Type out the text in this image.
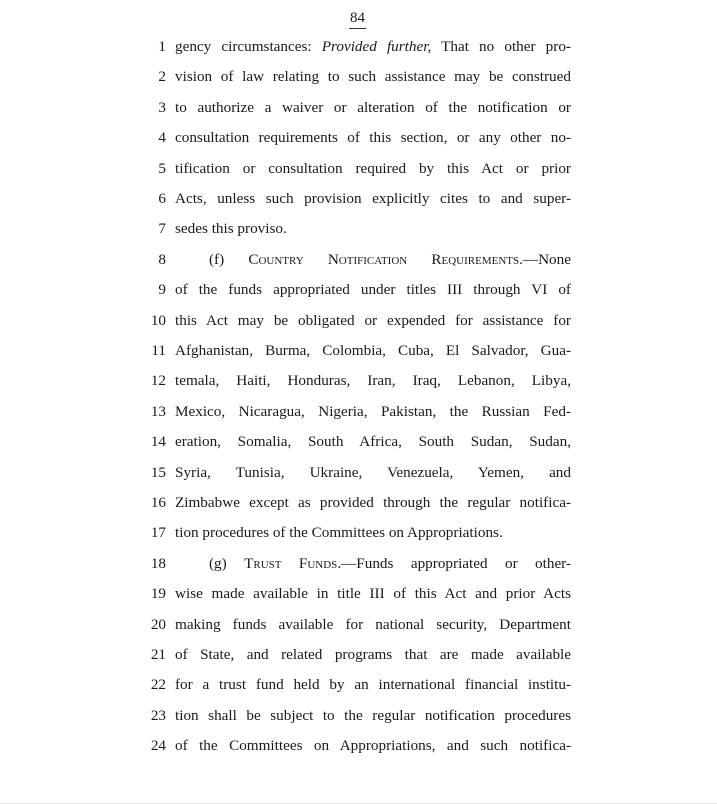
84
1 gency circumstances: Provided further, That no other pro-
2 vision of law relating to such assistance may be construed
3 to authorize a waiver or alteration of the notification or
4 consultation requirements of this section, or any other no-
5 tification or consultation required by this Act or prior
6 Acts, unless such provision explicitly cites to and super-
7 sedes this proviso.
8	(f) Country Notification Requirements.—None
9 of the funds appropriated under titles III through VI of
10 this Act may be obligated or expended for assistance for
11 Afghanistan, Burma, Colombia, Cuba, El Salvador, Gua-
12 temala, Haiti, Honduras, Iran, Iraq, Lebanon, Libya,
13 Mexico, Nicaragua, Nigeria, Pakistan, the Russian Fed-
14 eration, Somalia, South Africa, South Sudan, Sudan,
15 Syria, Tunisia, Ukraine, Venezuela, Yemen, and
16 Zimbabwe except as provided through the regular notifica-
17 tion procedures of the Committees on Appropriations.
18	(g) Trust Funds.—Funds appropriated or other-
19 wise made available in title III of this Act and prior Acts
20 making funds available for national security, Department
21 of State, and related programs that are made available
22 for a trust fund held by an international financial institu-
23 tion shall be subject to the regular notification procedures
24 of the Committees on Appropriations, and such notifica-
